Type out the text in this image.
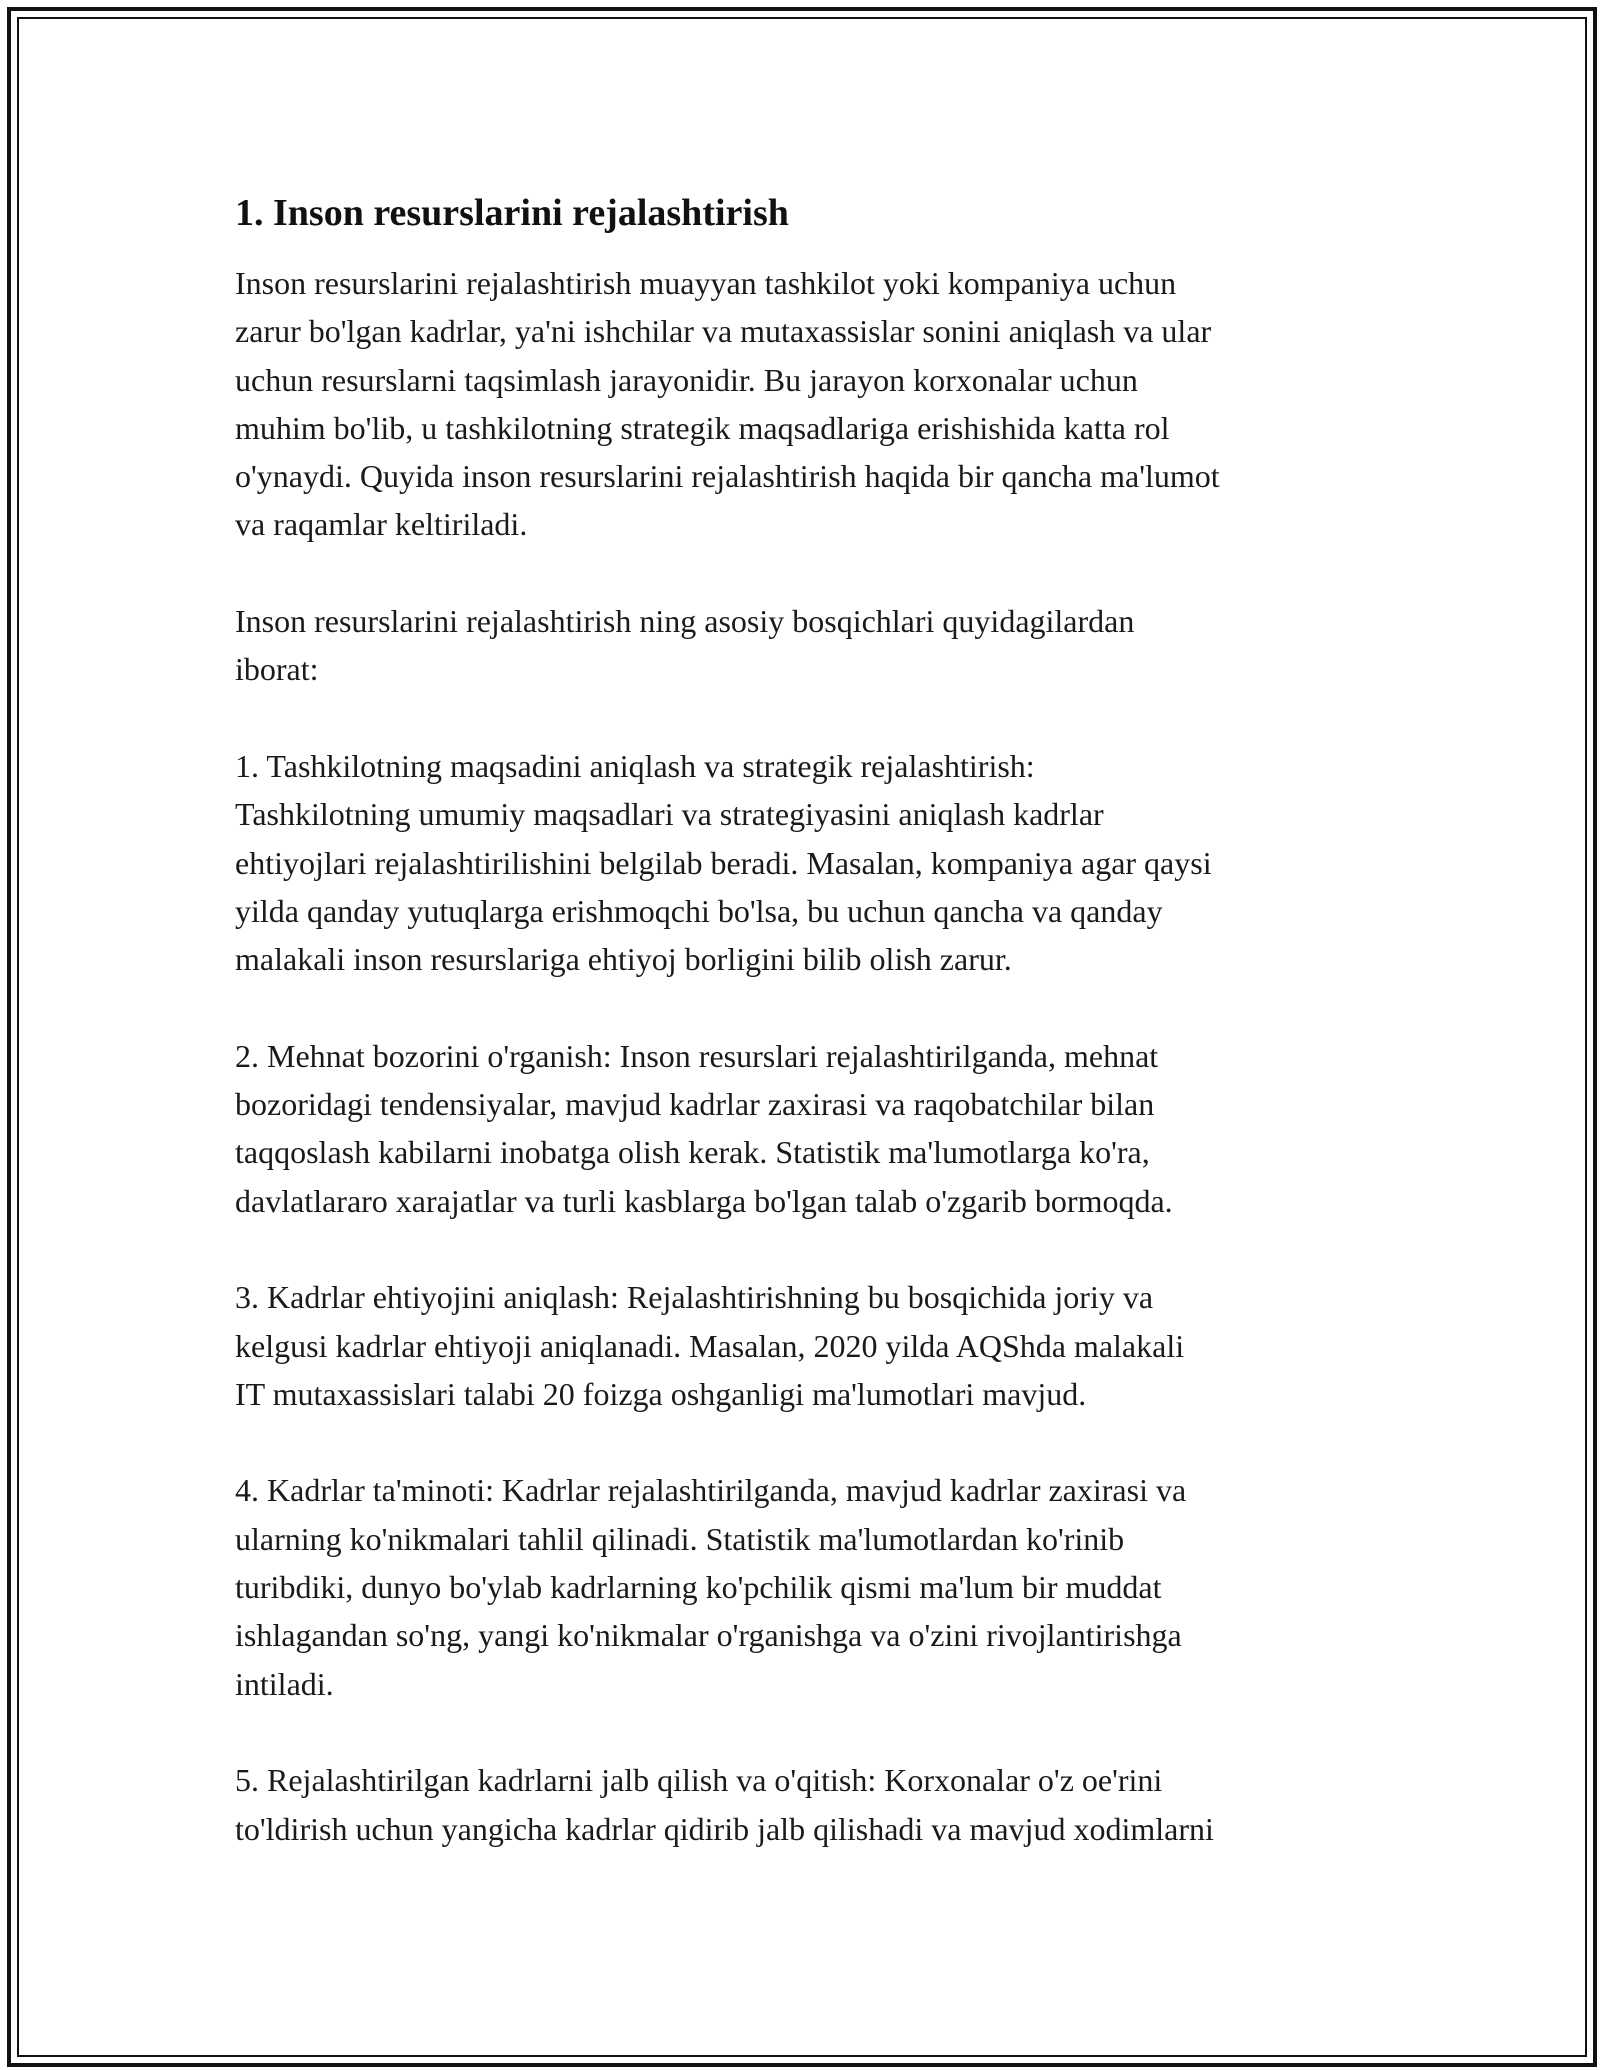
1. Inson resurslarini rejalashtirish

Inson resurslarini rejalashtirish muayyan tashkilot yoki kompaniya uchun
zarur bo'lgan kadrlar, ya'ni ishchilar va mutaxassislar sonini aniqlash va ular
uchun resurslarni taqsimlash jarayonidir. Bu jarayon korxonalar uchun
muhim bo'lib, u tashkilotning strategik maqsadlariga erishishida katta rol
o'ynaydi. Quyida inson resurslarini rejalashtirish haqida bir qancha ma'lumot
va raqamlar keltiriladi.

Inson resurslarini rejalashtirish ning asosiy bosqichlari quyidagilardan
iborat:

1. Tashkilotning maqsadini aniqlash va strategik rejalashtirish:
Tashkilotning umumiy maqsadlari va strategiyasini aniqlash kadrlar
ehtiyojlari rejalashtirilishini belgilab beradi. Masalan, kompaniya agar qaysi
yilda qanday yutuqlarga erishmoqchi bo'lsa, bu uchun qancha va qanday
malakali inson resurslariga ehtiyoj borligini bilib olish zarur.

2. Mehnat bozorini o'rganish: Inson resurslari rejalashtirilganda, mehnat
bozoridagi tendensiyalar, mavjud kadrlar zaxirasi va raqobatchilar bilan
taqqoslash kabilarni inobatga olish kerak. Statistik ma'lumotlarga ko'ra,
davlatlararo xarajatlar va turli kasblarga bo'lgan talab o'zgarib bormoqda.

3. Kadrlar ehtiyojini aniqlash: Rejalashtirishning bu bosqichida joriy va
kelgusi kadrlar ehtiyoji aniqlanadi. Masalan, 2020 yilda AQShda malakali
IT mutaxassislari talabi 20 foizga oshganligi ma'lumotlari mavjud.

4. Kadrlar ta'minoti: Kadrlar rejalashtirilganda, mavjud kadrlar zaxirasi va
ularning ko'nikmalari tahlil qilinadi. Statistik ma'lumotlardan ko'rinib
turibdiki, dunyo bo'ylab kadrlarning ko'pchilik qismi ma'lum bir muddat
ishlagandan so'ng, yangi ko'nikmalar o'rganishga va o'zini rivojlantirishga
intiladi.

5. Rejalashtirilgan kadrlarni jalb qilish va o'qitish: Korxonalar o'z oe'rini
to'ldirish uchun yangicha kadrlar qidirib jalb qilishadi va mavjud xodimlarni
